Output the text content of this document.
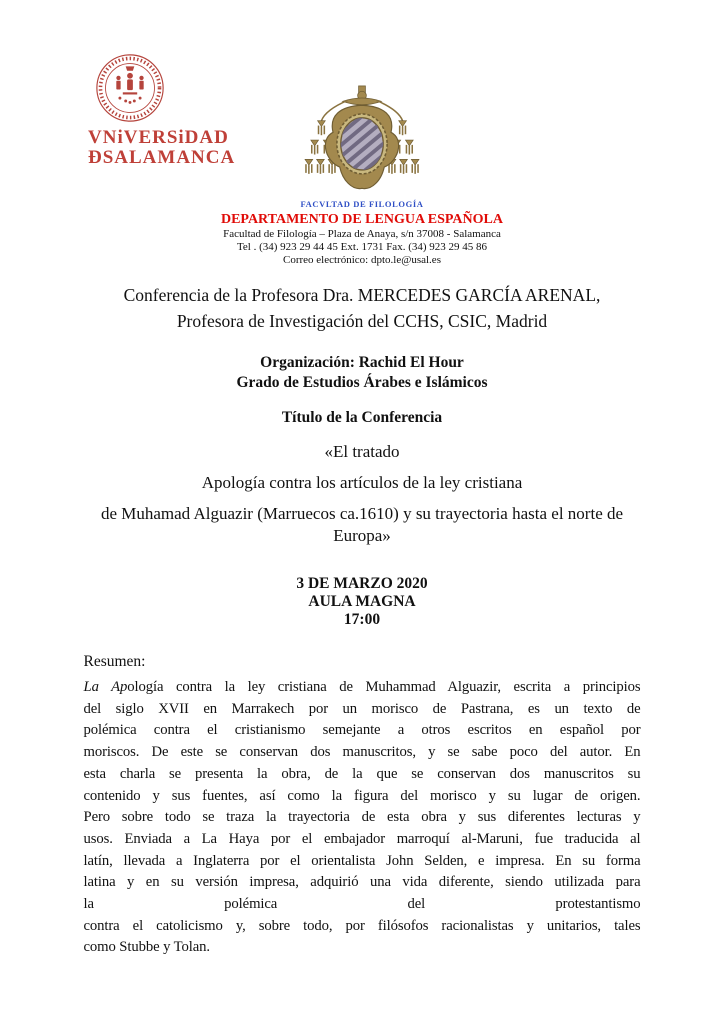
VNiVERSiDAD
ÐSALAMANCA
FACVLTAD DE FILOLOGÍA
DEPARTAMENTO DE LENGUA ESPAÑOLA
Facultad de Filología – Plaza de Anaya, s/n 37008 - Salamanca
Tel . (34) 923 29 44 45 Ext. 1731 Fax. (34) 923 29 45 86
Correo electrónico: dpto.le@usal.es
Conferencia de la Profesora Dra. MERCEDES GARCÍA ARENAL,
Profesora de Investigación del CCHS, CSIC, Madrid
Organización: Rachid El Hour
Grado de Estudios Árabes e Islámicos
Título de la Conferencia

«El tratado

Apología contra los artículos de la ley cristiana

de Muhamad Alguazir (Marruecos ca.1610) y su trayectoria hasta el norte de Europa»

3 DE MARZO 2020
AULA MAGNA
17:00
Resumen:
La Apología contra la ley cristiana de Muhammad Alguazir, escrita a principios
del siglo XVII en Marrakech por un morisco de Pastrana, es un texto de
polémica contra el cristianismo semejante a otros escritos en español por
moriscos. De este se conservan dos manuscritos, y se sabe poco del autor. En
esta charla se presenta la obra, de la que se conservan dos manuscritos su
contenido y sus fuentes, así como la figura del morisco y su lugar de origen.
Pero sobre todo se traza la trayectoria de esta obra y sus diferentes lecturas y
usos. Enviada a La Haya por el embajador marroquí al-Maruni, fue traducida al
latín, llevada a Inglaterra por el orientalista John Selden, e impresa. En su forma
latina y en su versión impresa, adquirió una vida diferente, siendo utilizada para
la polémica del protestantismo
contra el catolicismo y, sobre todo, por filósofos racionalistas y unitarios, tales
como Stubbe y Tolan.
